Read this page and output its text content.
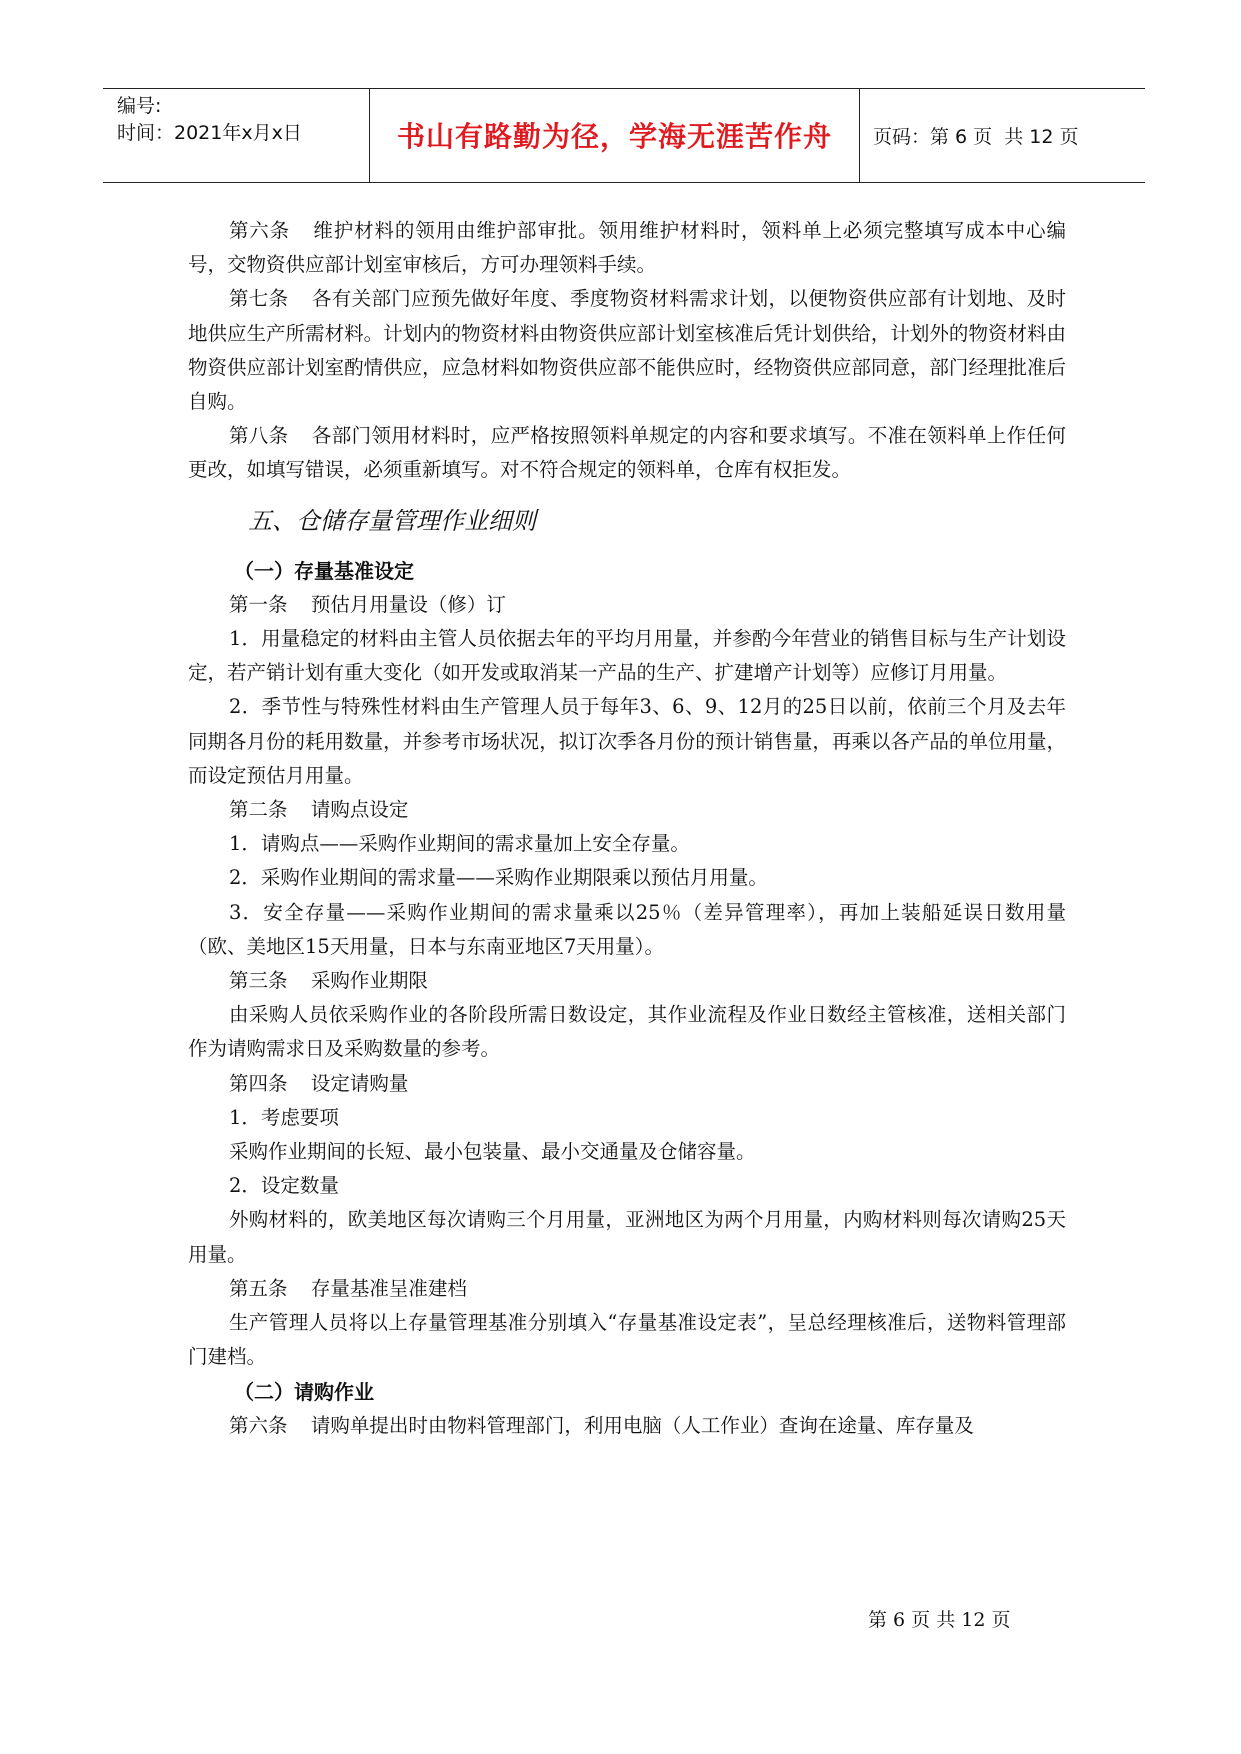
编号:
时间：2021年x月x日	书山有路勤为径，学海无涯苦作舟	页码：第 6 页  共 12 页

第六条 维护材料的领用由维护部审批。领用维护材料时，领料单上必须完整填写成本中心编号，交物资供应部计划室审核后，方可办理领料手续。

第七条 各有关部门应预先做好年度、季度物资材料需求计划，以便物资供应部有计划地、及时地供应生产所需材料。计划内的物资材料由物资供应部计划室核准后凭计划供给，计划外的物资材料由物资供应部计划室酌情供应，应急材料如物资供应部不能供应时，经物资供应部同意，部门经理批准后自购。

第八条 各部门领用材料时，应严格按照领料单规定的内容和要求填写。不准在领料单上作任何更改，如填写错误，必须重新填写。对不符合规定的领料单，仓库有权拒发。

五、仓储存量管理作业细则

（一）存量基准设定

第一条 预估月用量设（修）订

1．用量稳定的材料由主管人员依据去年的平均月用量，并参酌今年营业的销售目标与生产计划设定，若产销计划有重大变化（如开发或取消某一产品的生产、扩建增产计划等）应修订月用量。

2．季节性与特殊性材料由生产管理人员于每年3、6、9、12月的25日以前，依前三个月及去年同期各月份的耗用数量，并参考市场状况，拟订次季各月份的预计销售量，再乘以各产品的单位用量，而设定预估月用量。

第二条 请购点设定

1．请购点——采购作业期间的需求量加上安全存量。

2．采购作业期间的需求量——采购作业期限乘以预估月用量。

3．安全存量——采购作业期间的需求量乘以25％（差异管理率），再加上装船延误日数用量（欧、美地区15天用量，日本与东南亚地区7天用量）。

第三条 采购作业期限

由采购人员依采购作业的各阶段所需日数设定，其作业流程及作业日数经主管核准，送相关部门作为请购需求日及采购数量的参考。

第四条 设定请购量

1．考虑要项

采购作业期间的长短、最小包装量、最小交通量及仓储容量。

2．设定数量

外购材料的，欧美地区每次请购三个月用量，亚洲地区为两个月用量，内购材料则每次请购25天用量。

第五条 存量基准呈准建档

生产管理人员将以上存量管理基准分别填入“存量基准设定表”，呈总经理核准后，送物料管理部门建档。

（二）请购作业

第六条 请购单提出时由物料管理部门，利用电脑（人工作业）查询在途量、库存量及

第 6 页 共 12 页
